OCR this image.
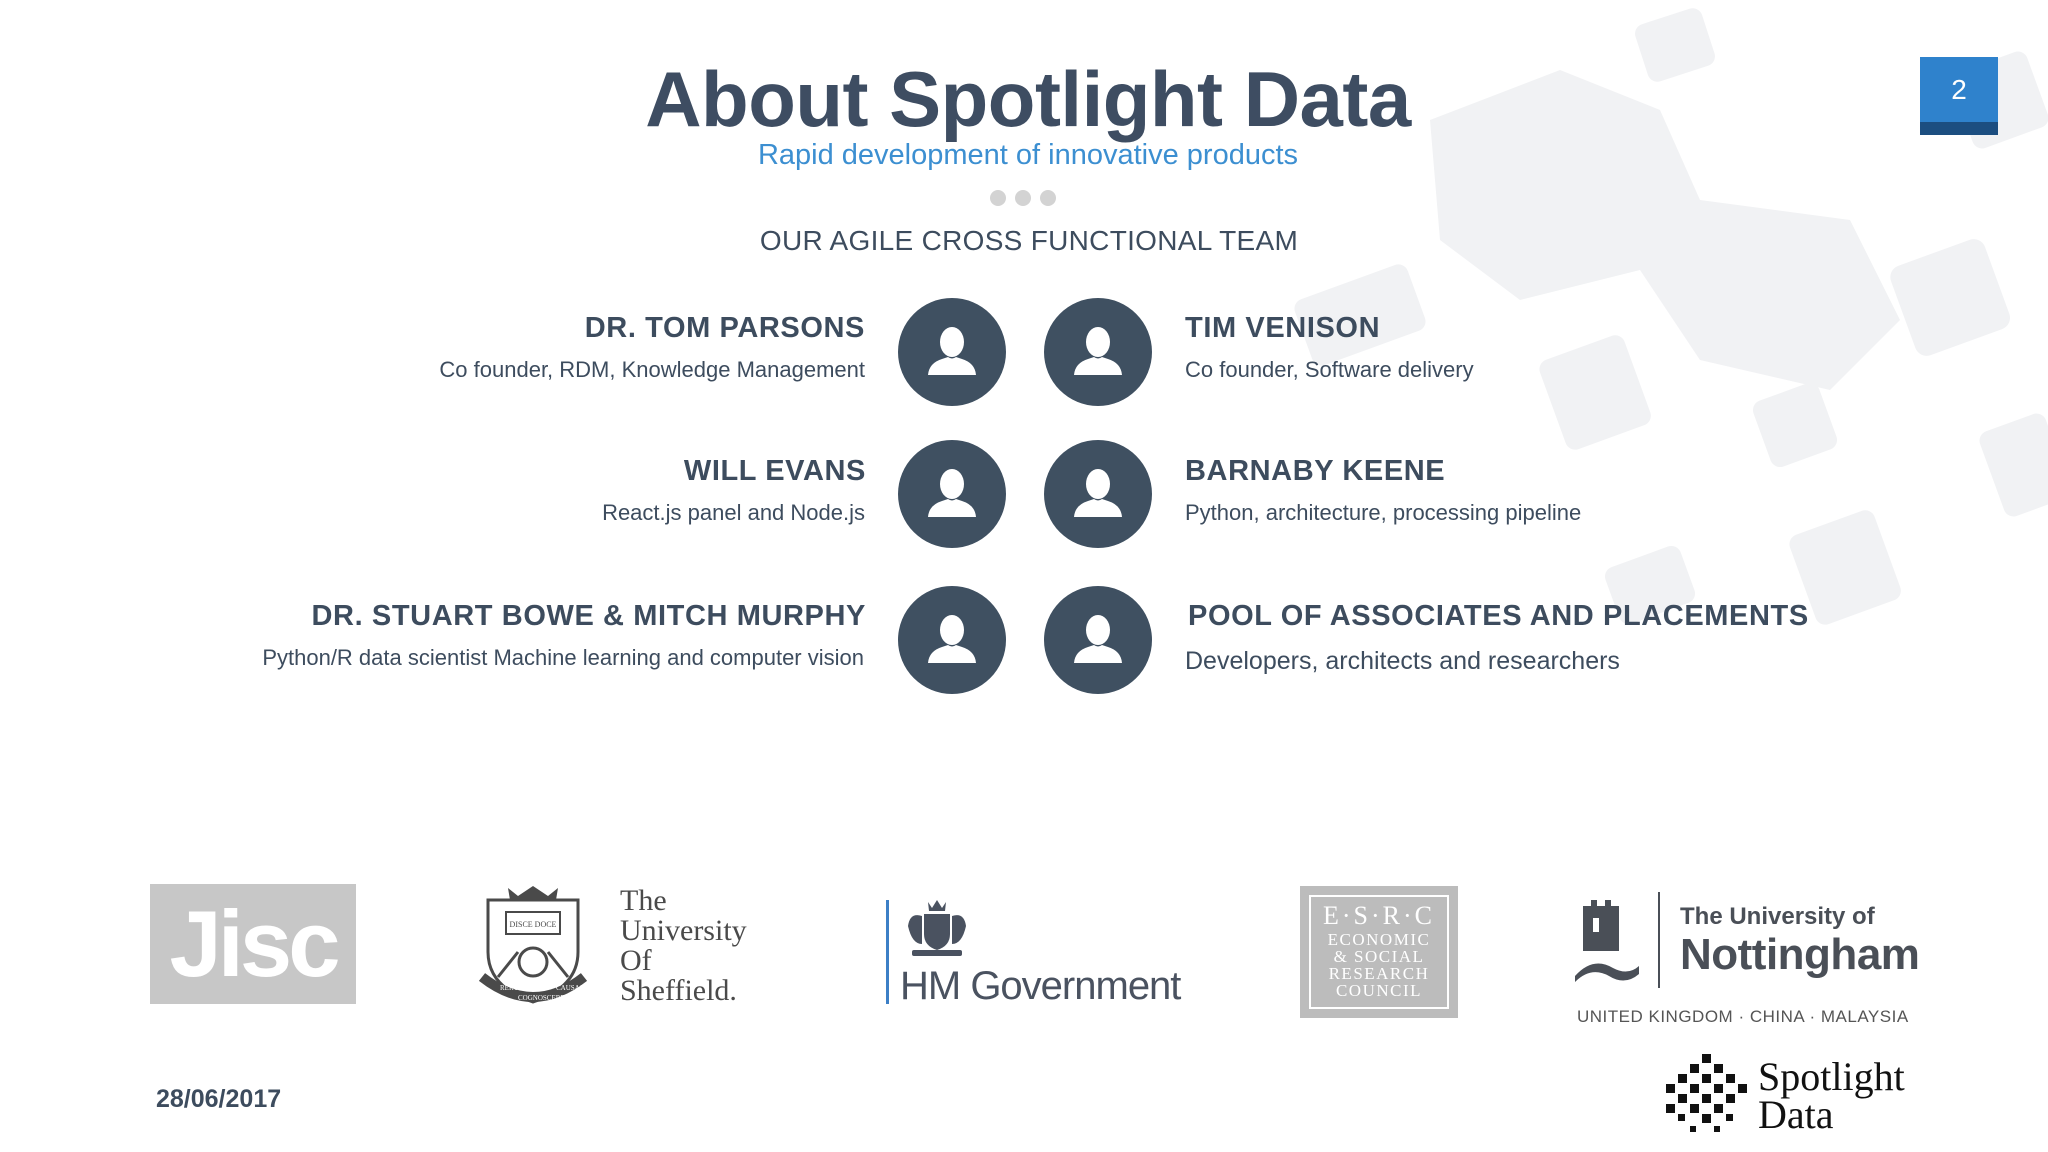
About Spotlight Data
Rapid development of innovative products
OUR AGILE CROSS FUNCTIONAL TEAM
2
DR. TOM PARSONS
Co founder, RDM, Knowledge Management
TIM VENISON
Co founder, Software delivery
WILL EVANS
React.js panel and Node.js
BARNABY KEENE
Python, architecture, processing pipeline
DR. STUART BOWE & MITCH MURPHY
Python/R data scientist Machine learning and computer vision
POOL OF ASSOCIATES AND PLACEMENTS
Developers, architects and researchers
Jisc	DISCE DOCE
RERUM
COGNOSCERE
CAUSAS
The
University
Of
Sheffield.	HM Government
E·S·R·C
ECONOMIC
& SOCIAL
RESEARCH
COUNCIL
The University of
Nottingham
UNITED KINGDOM · CHINA · MALAYSIA
Spotlight
Data
28/06/2017
